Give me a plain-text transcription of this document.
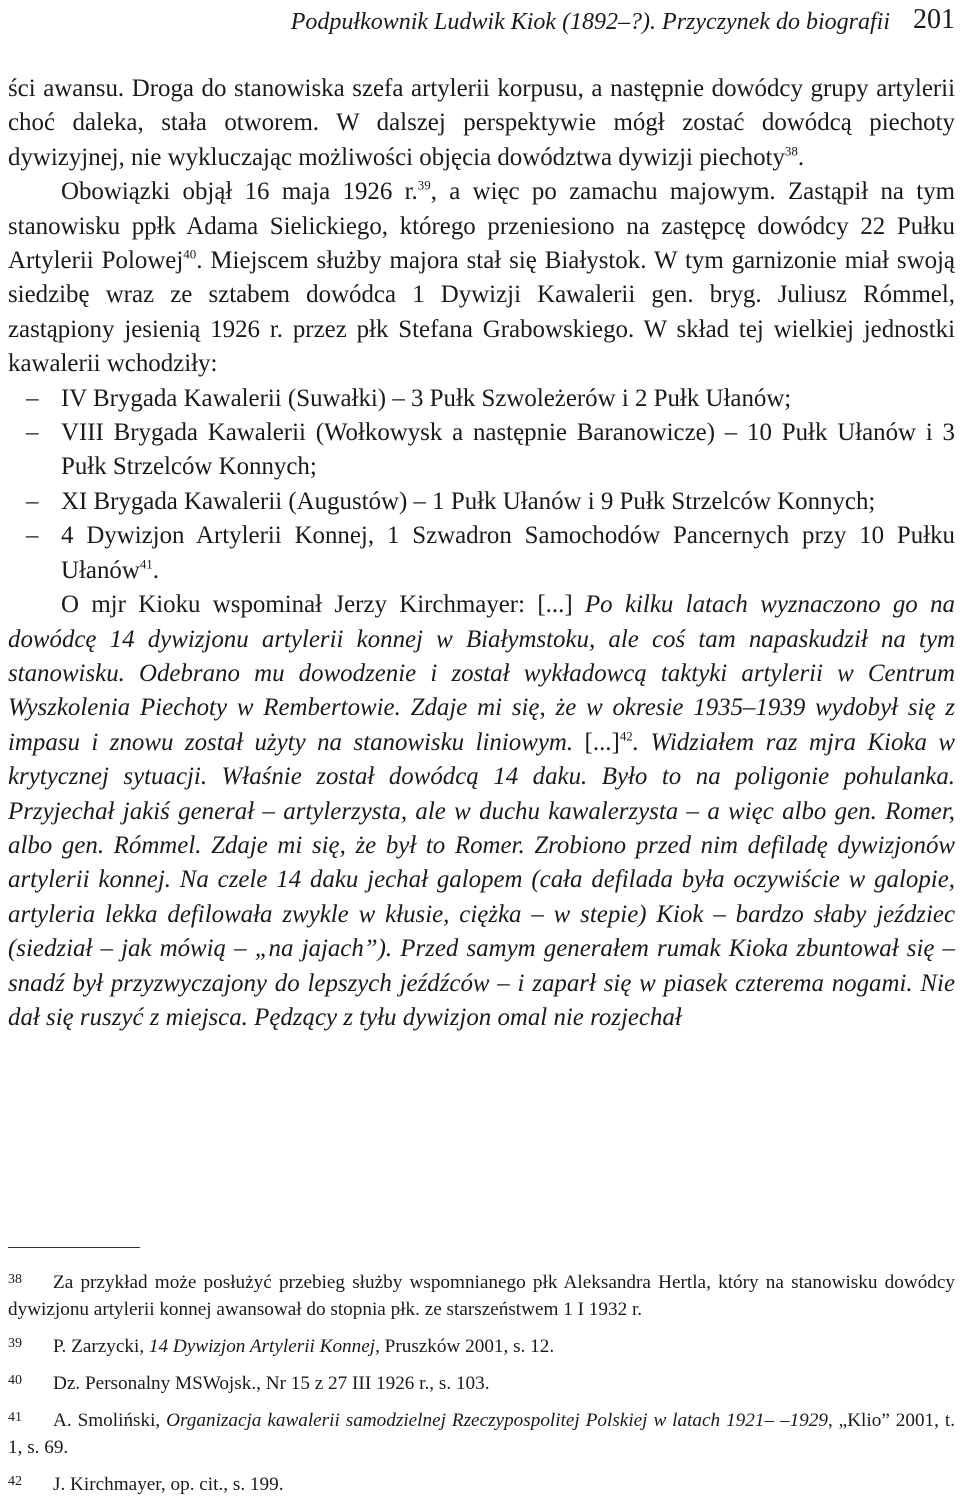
Podpułkownik Ludwik Kiok (1892–?). Przyczynek do biografii 201

ści awansu. Droga do stanowiska szefa artylerii korpusu, a następnie dowódcy grupy artylerii choć daleka, stała otworem. W dalszej perspektywie mógł zostać dowódcą piechoty dywizyjnej, nie wykluczając możliwości objęcia dowództwa dywizji piechoty$^{38}$.

Obowiązki objął 16 maja 1926 r.$^{39}$, a więc po zamachu majowym. Zastąpił na tym stanowisku ppłk Adama Sielickiego, którego przeniesiono na zastępcę dowódcy 22 Pułku Artylerii Polowej$^{40}$. Miejscem służby majora stał się Białystok. W tym garnizonie miał swoją siedzibę wraz ze sztabem dowódca 1 Dywizji Kawalerii gen. bryg. Juliusz Rómmel, zastąpiony jesienią 1926 r. przez płk Stefana Grabowskiego. W skład tej wielkiej jednostki kawalerii wchodziły:

– IV Brygada Kawalerii (Suwałki) – 3 Pułk Szwoleżerów i 2 Pułk Ułanów;
– VIII Brygada Kawalerii (Wołkowysk a następnie Baranowicze) – 10 Pułk Ułanów i 3 Pułk Strzelców Konnych;
– XI Brygada Kawalerii (Augustów) – 1 Pułk Ułanów i 9 Pułk Strzelców Konnych;
– 4 Dywizjon Artylerii Konnej, 1 Szwadron Samochodów Pancernych przy 10 Pułku Ułanów$^{41}$.

O mjr Kioku wspominał Jerzy Kirchmayer: [...] Po kilku latach wyznaczono go na dowódcę 14 dywizjonu artylerii konnej w Białymstoku, ale coś tam napaskudził na tym stanowisku. Odebrano mu dowodzenie i został wykładowcą taktyki artylerii w Centrum Wyszkolenia Piechoty w Rembertowie. Zdaje mi się, że w okresie 1935–1939 wydobył się z impasu i znowu został użyty na stanowisku liniowym. [...]$^{42}$. Widziałem raz mjra Kioka w krytycznej sytuacji. Właśnie został dowódcą 14 daku. Było to na poligonie pohulanka. Przyjechał jakiś generał – artylerzysta, ale w duchu kawalerzysta – a więc albo gen. Romer, albo gen. Rómmel. Zdaje mi się, że był to Romer. Zrobiono przed nim defiladę dywizjonów artylerii konnej. Na czele 14 daku jechał galopem (cała defilada była oczywiście w galopie, artyleria lekka defilowała zwykle w kłusie, ciężka – w stepie) Kiok – bardzo słaby jeździec (siedział – jak mówią – „na jajach”). Przed samym generałem rumak Kioka zbuntował się – snadź był przyzwyczajony do lepszych jeźdźców – i zaparł się w piasek czterema nogami. Nie dał się ruszyć z miejsca. Pędzący z tyłu dywizjon omal nie rozjechał

38 Za przykład może posłużyć przebieg służby wspomnianego płk Aleksandra Hertla, który na stanowisku dowódcy dywizjonu artylerii konnej awansował do stopnia płk. ze starszeństwem 1 I 1932 r.

39 P. Zarzycki, 14 Dywizjon Artylerii Konnej, Pruszków 2001, s. 12.

40 Dz. Personalny MSWojsk., Nr 15 z 27 III 1926 r., s. 103.

41 A. Smoliński, Organizacja kawalerii samodzielnej Rzeczypospolitej Polskiej w latach 1921– –1929, „Klio” 2001, t. 1, s. 69.

42 J. Kirchmayer, op. cit., s. 199.
